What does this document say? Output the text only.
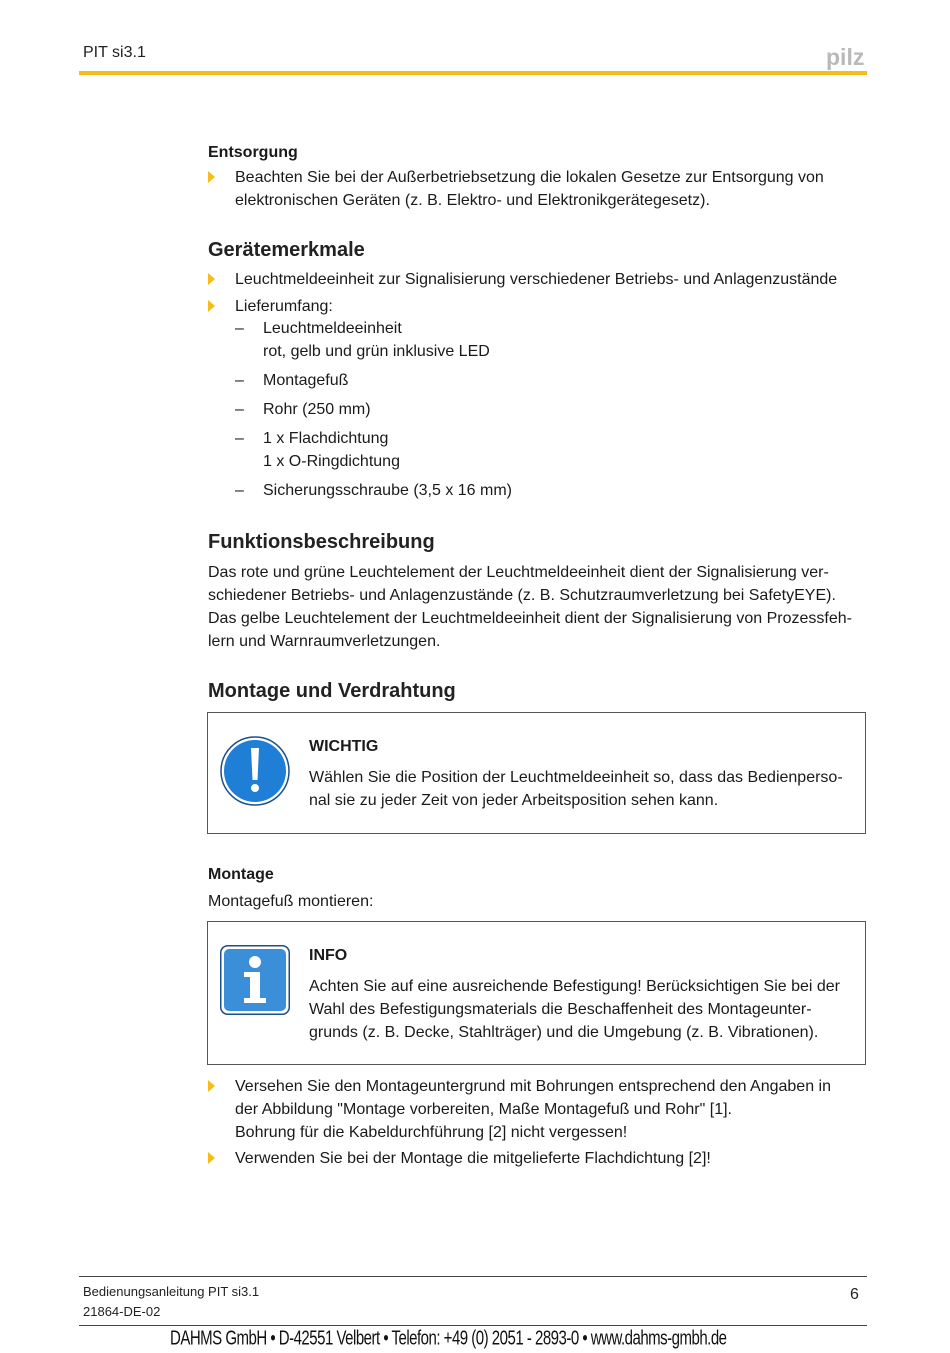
PIT si3.1	pilz
Entsorgung
Beachten Sie bei der Außerbetriebsetzung die lokalen Gesetze zur Entsorgung von elektronischen Geräten (z. B. Elektro- und Elektronikgerätegesetz).
Gerätemerkmale
Leuchtmeldeeinheit zur Signalisierung verschiedener Betriebs- und Anlagenzustände
Lieferumfang:
– Leuchtmeldeeinheit
rot, gelb und grün inklusive LED
– Montagefuß
– Rohr (250 mm)
– 1 x Flachdichtung
1 x O-Ringdichtung
– Sicherungsschraube (3,5 x 16 mm)
Funktionsbeschreibung
Das rote und grüne Leuchtelement der Leuchtmeldeeinheit dient der Signalisierung ver-
schiedener Betriebs- und Anlagenzustände (z. B. Schutzraumverletzung bei SafetyEYE).
Das gelbe Leuchtelement der Leuchtmeldeeinheit dient der Signalisierung von Prozessfeh-
lern und Warnraumverletzungen.
Montage und Verdrahtung
WICHTIG
Wählen Sie die Position der Leuchtmeldeeinheit so, dass das Bedienperso-
nal sie zu jeder Zeit von jeder Arbeitsposition sehen kann.
Montage
Montagefuß montieren:
INFO
Achten Sie auf eine ausreichende Befestigung! Berücksichtigen Sie bei der
Wahl des Befestigungsmaterials die Beschaffenheit des Montageunter-
grunds (z. B. Decke, Stahlträger) und die Umgebung (z. B. Vibrationen).
Versehen Sie den Montageuntergrund mit Bohrungen entsprechend den Angaben in
der Abbildung "Montage vorbereiten, Maße Montagefuß und Rohr" [1].
Bohrung für die Kabeldurchführung [2] nicht vergessen!
Verwenden Sie bei der Montage die mitgelieferte Flachdichtung [2]!
Bedienungsanleitung PIT si3.1
21864-DE-02
6
DAHMS GmbH • D-42551 Velbert • Telefon: +49 (0) 2051 - 2893-0 • www.dahms-gmbh.de
